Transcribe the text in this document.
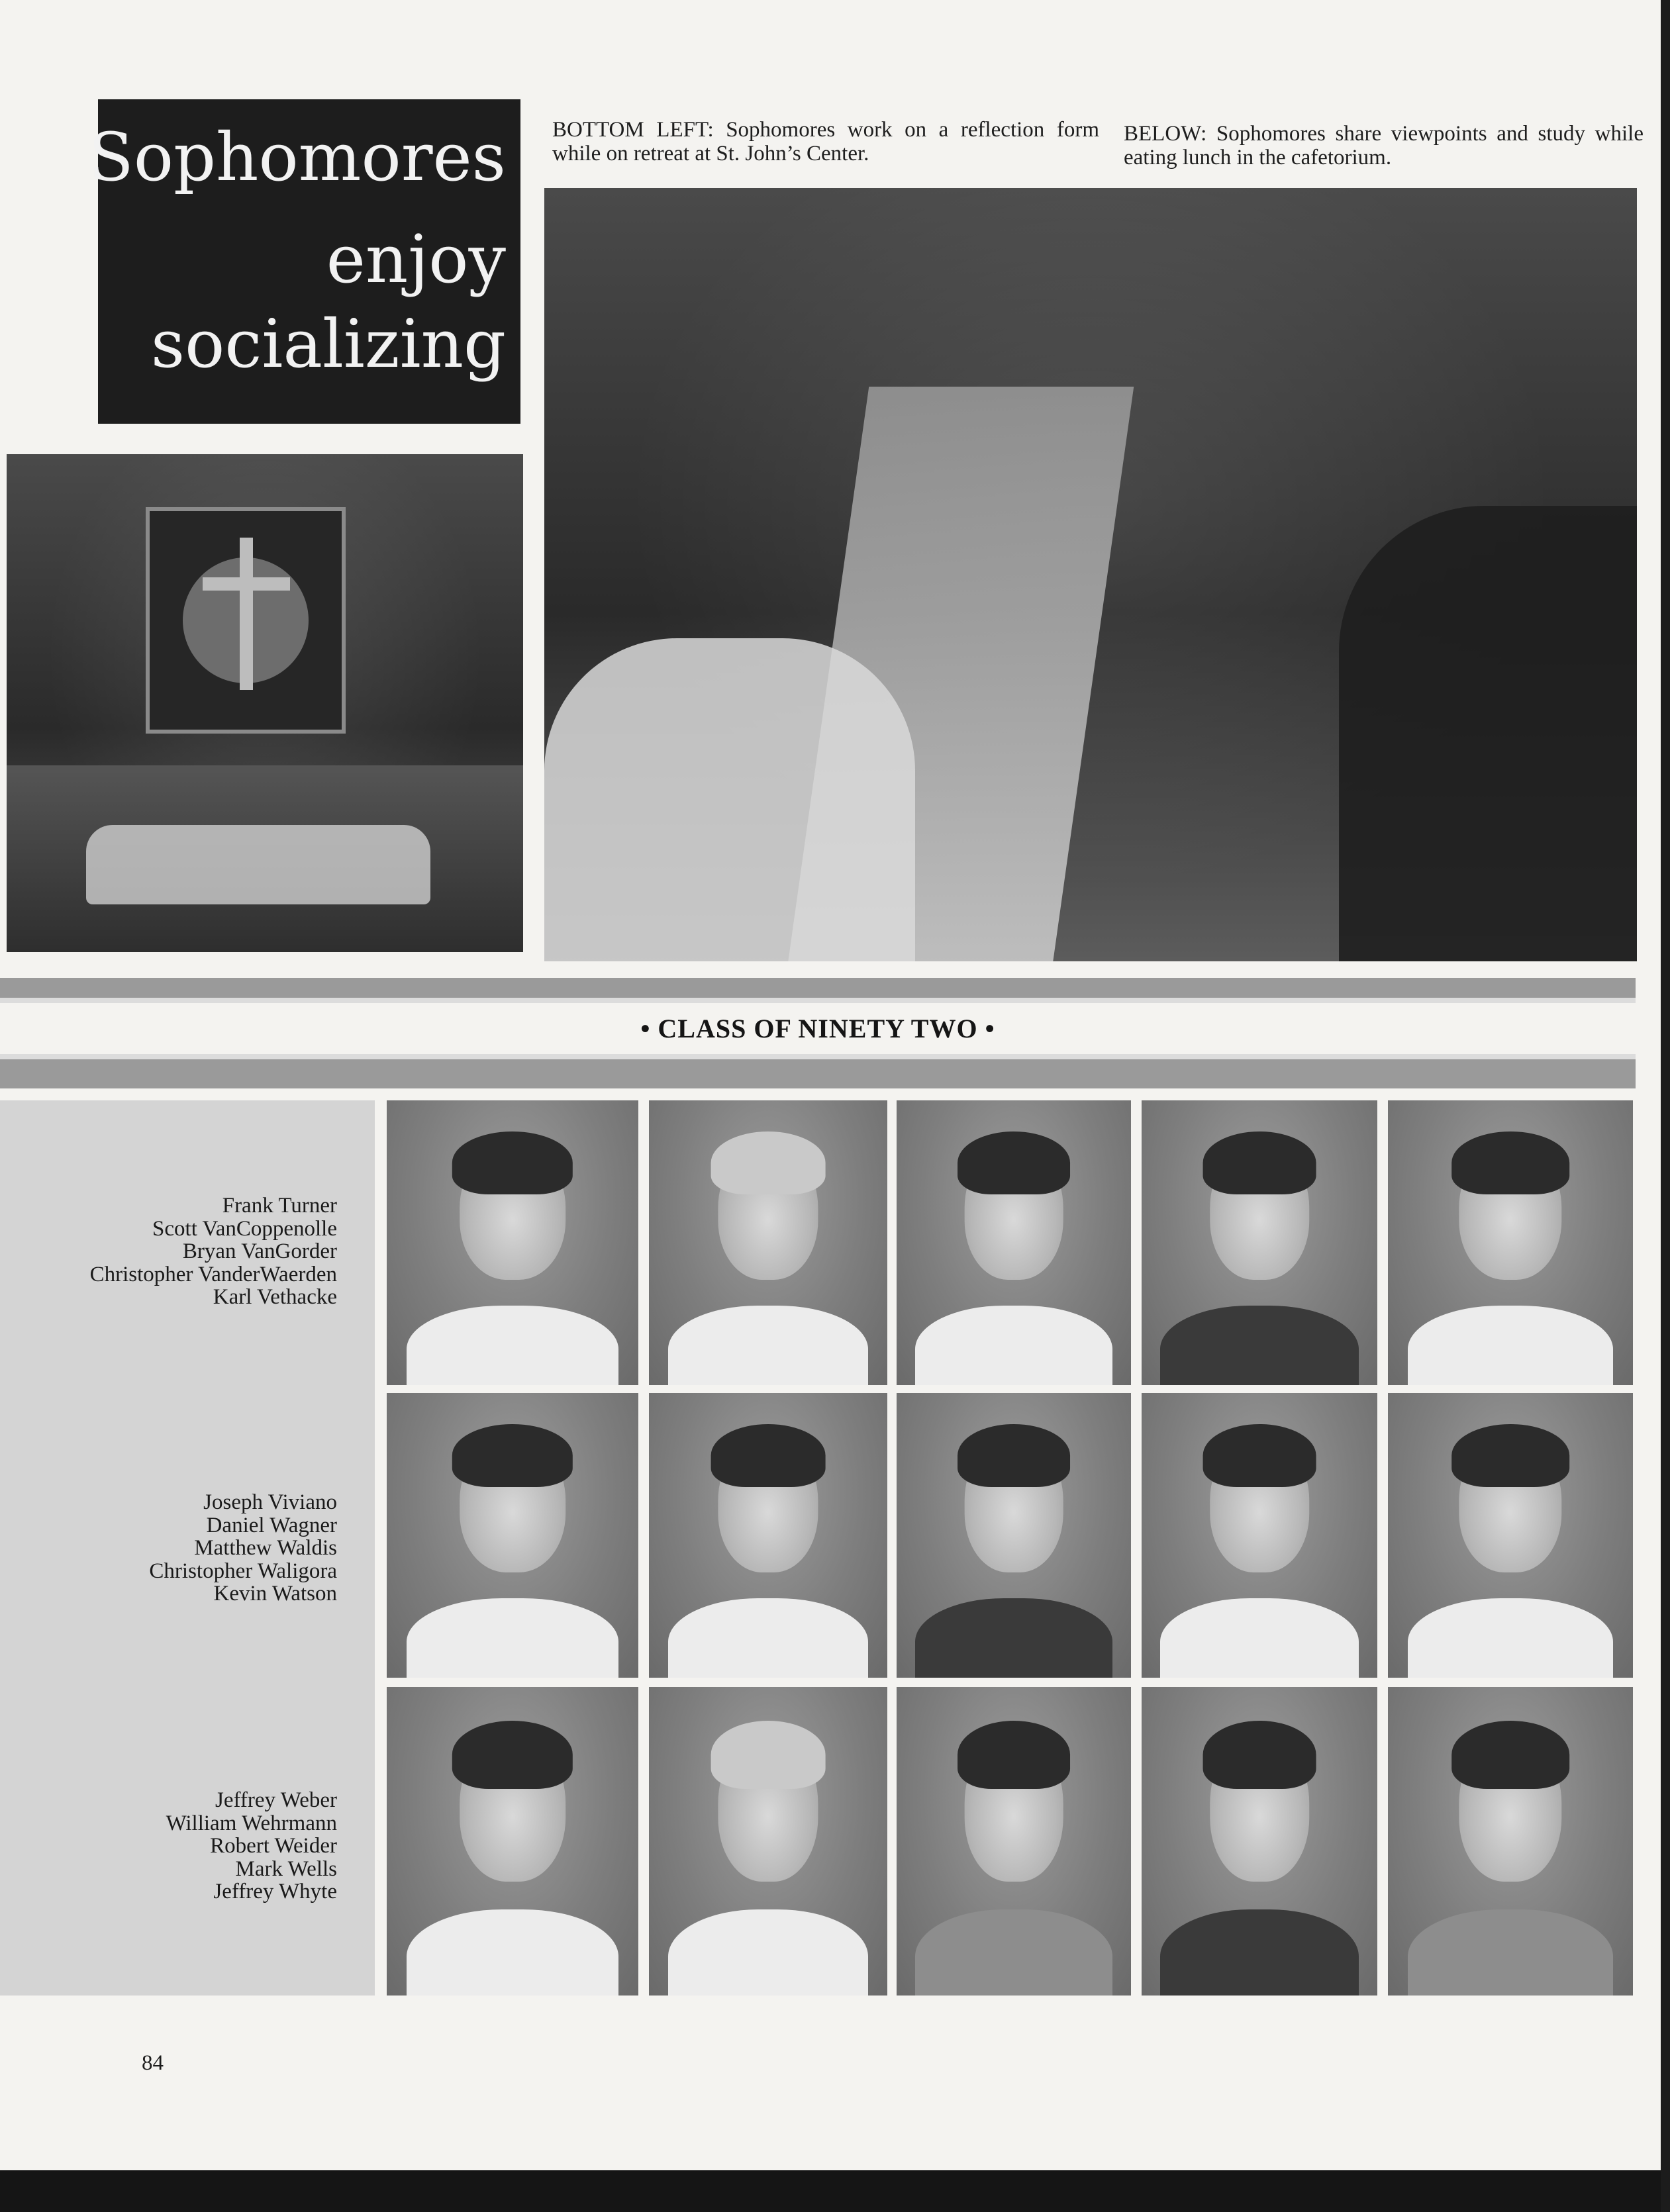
Sophomores
enjoy
socializing
BOTTOM LEFT: Sophomores work on a reflection form while on retreat at St. John’s Center.
BELOW: Sophomores share viewpoints and study while eating lunch in the cafetorium.
• CLASS OF NINETY TWO •
Frank Turner
Scott VanCoppenolle
Bryan VanGorder
Christopher VanderWaerden
Karl Vethacke
Joseph Viviano
Daniel Wagner
Matthew Waldis
Christopher Waligora
Kevin Watson
Jeffrey Weber
William Wehrmann
Robert Weider
Mark Wells
Jeffrey Whyte
84
